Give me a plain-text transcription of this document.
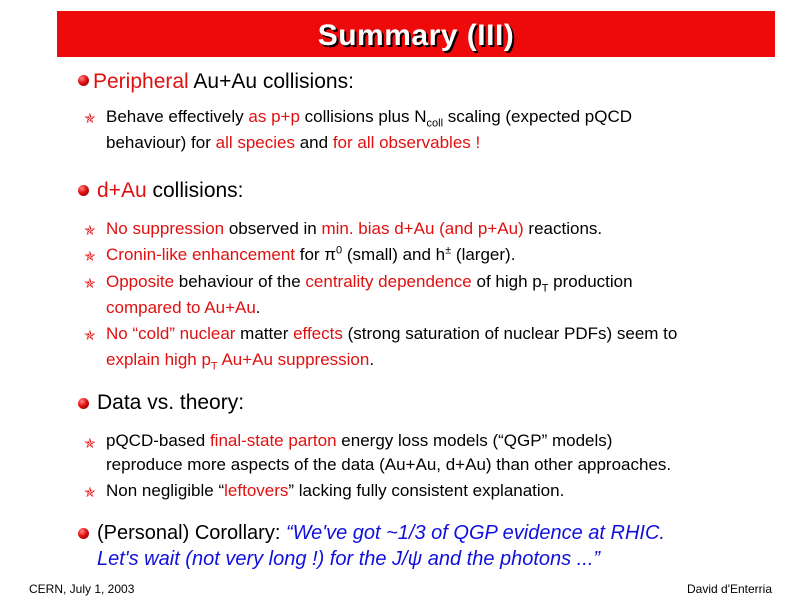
Summary (III)
Peripheral Au+Au collisions:
✯ Behave effectively as p+p collisions plus $N_{coll}$ scaling (expected pQCD
behaviour) for all species and for all observables !
d+Au collisions:
✯ No suppression observed in min. bias d+Au (and p+Au) reactions.
✯ Cronin-like enhancement for $\pi^0$ (small) and h± (larger).
✯ Opposite behaviour of the centrality dependence of high $p_T$ production
compared to Au+Au.
✯ No “cold” nuclear matter effects (strong saturation of nuclear PDFs) seem to
explain high $p_T$ Au+Au suppression.
Data vs. theory:
✯ pQCD-based final-state parton energy loss models (“QGP” models)
reproduce more aspects of the data (Au+Au, d+Au) than other approaches.
✯ Non negligible “leftovers” lacking fully consistent explanation.
(Personal) Corollary: “We've got ~1/3 of QGP evidence at RHIC.
Let's wait (not very long !) for the J/ψ and the photons ...”
CERN, July 1, 2003	David d'Enterria
